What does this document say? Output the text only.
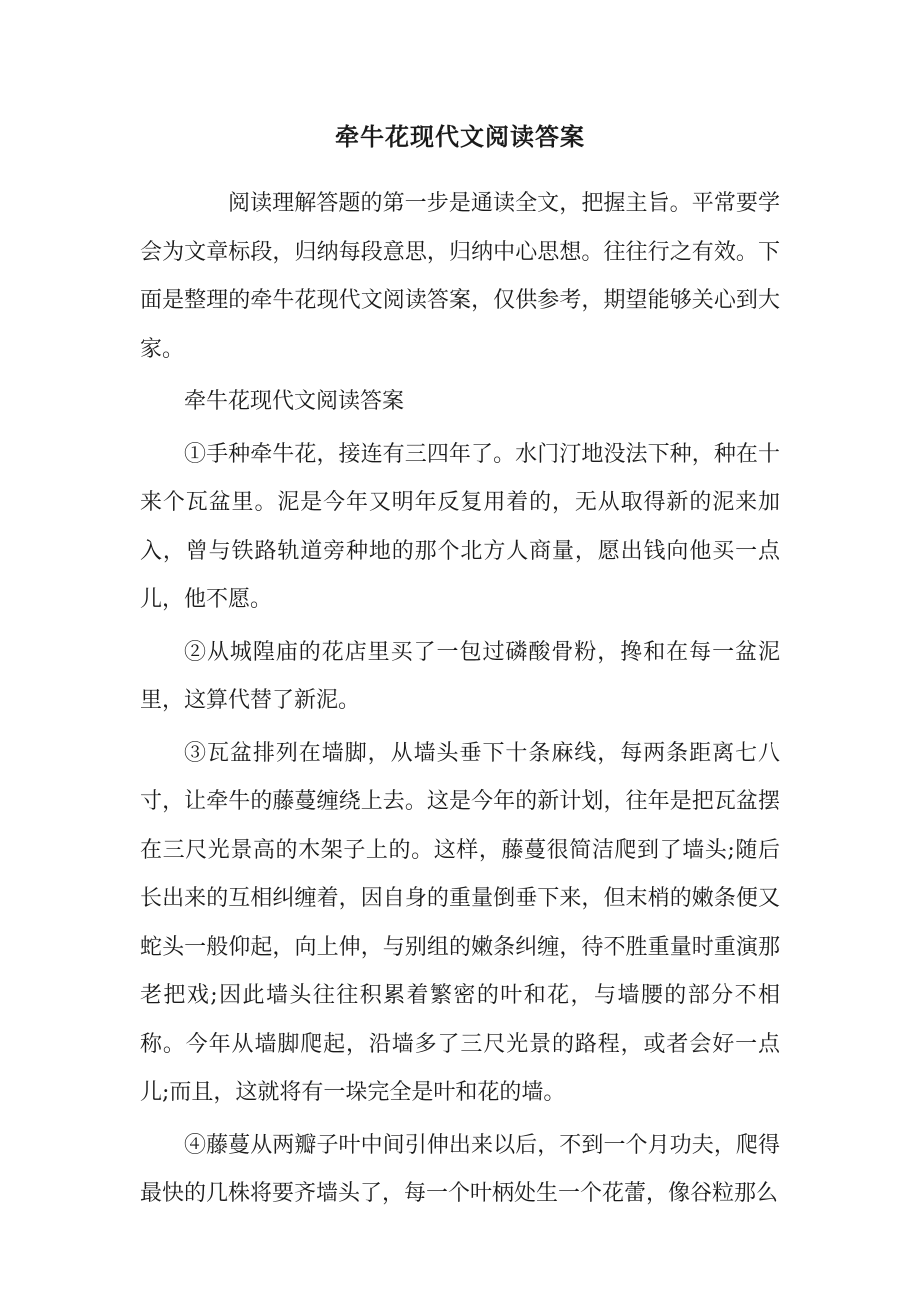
牵牛花现代文阅读答案

阅读理解答题的第一步是通读全文，把握主旨。平常要学会为文章标段，归纳每段意思，归纳中心思想。往往行之有效。下面是整理的牵牛花现代文阅读答案，仅供参考，期望能够关心到大家。

牵牛花现代文阅读答案

①手种牵牛花，接连有三四年了。水门汀地没法下种，种在十来个瓦盆里。泥是今年又明年反复用着的，无从取得新的泥来加入，曾与铁路轨道旁种地的那个北方人商量，愿出钱向他买一点儿，他不愿。

②从城隍庙的花店里买了一包过磷酸骨粉，搀和在每一盆泥里，这算代替了新泥。

③瓦盆排列在墙脚，从墙头垂下十条麻线，每两条距离七八寸，让牵牛的藤蔓缠绕上去。这是今年的新计划，往年是把瓦盆摆在三尺光景高的木架子上的。这样，藤蔓很简洁爬到了墙头;随后长出来的互相纠缠着，因自身的重量倒垂下来，但末梢的嫩条便又蛇头一般仰起，向上伸，与别组的嫩条纠缠，待不胜重量时重演那老把戏;因此墙头往往积累着繁密的叶和花，与墙腰的部分不相称。今年从墙脚爬起，沿墙多了三尺光景的路程，或者会好一点儿;而且，这就将有一垛完全是叶和花的墙。

④藤蔓从两瓣子叶中间引伸出来以后，不到一个月功夫，爬得最快的几株将要齐墙头了，每一个叶柄处生一个花蕾，像谷粒那么
